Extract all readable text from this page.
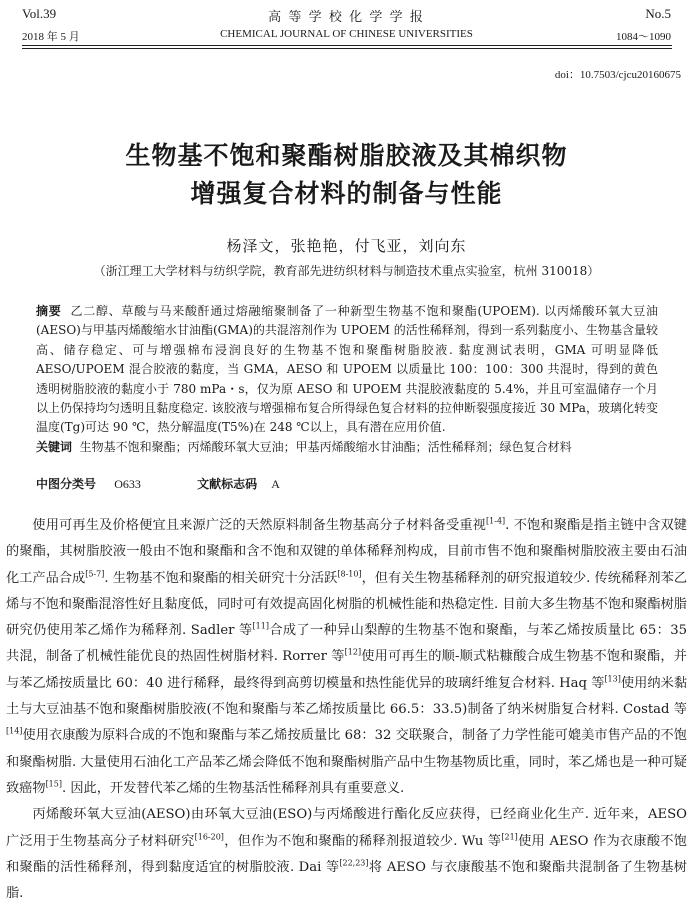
Vol.39	高 等 学 校 化 学 学 报	No.5
2018 年 5 月	CHEMICAL JOURNAL OF CHINESE UNIVERSITIES	1084～1090
doi：10.7503/cjcu20160675
生物基不饱和聚酯树脂胶液及其棉织物
增强复合材料的制备与性能
杨泽文，张艳艳，付飞亚，刘向东
（浙江理工大学材料与纺织学院，教育部先进纺织材料与制造技术重点实验室，杭州 310018）

摘要 乙二醇、草酸与马来酸酐通过熔融缩聚制备了一种新型生物基不饱和聚酯(UPOEM). 以丙烯酸环氧大豆油(AESO)与甲基丙烯酸缩水甘油酯(GMA)的共混溶剂作为 UPOEM 的活性稀释剂，得到一系列黏度小、生物基含量较高、储存稳定、可与增强棉布浸润良好的生物基不饱和聚酯树脂胶液. 黏度测试表明，GMA 可明显降低 AESO/UPOEM 混合胶液的黏度，当 GMA，AESO 和 UPOEM 以质量比 100：100：300 共混时，得到的黄色透明树脂胶液的黏度小于 780 mPa・s，仅为原 AESO 和 UPOEM 共混胶液黏度的 5.4%，并且可室温储存一个月以上仍保持均匀透明且黏度稳定. 该胶液与增强棉布复合所得绿色复合材料的拉伸断裂强度接近 30 MPa，玻璃化转变温度(Tg)可达 90 ℃，热分解温度(T5%)在 248 ℃以上，具有潜在应用价值.

关键词 生物基不饱和聚酯；丙烯酸环氧大豆油；甲基丙烯酸缩水甘油酯；活性稀释剂；绿色复合材料

中图分类号 O633	文献标志码 A

使用可再生及价格便宜且来源广泛的天然原料制备生物基高分子材料备受重视[1-4]. 不饱和聚酯是指主链中含双键的聚酯，其树脂胶液一般由不饱和聚酯和含不饱和双键的单体稀释剂构成，目前市售不饱和聚酯树脂胶液主要由石油化工产品合成[5-7]. 生物基不饱和聚酯的相关研究十分活跃[8-10]，但有关生物基稀释剂的研究报道较少. 传统稀释剂苯乙烯与不饱和聚酯混溶性好且黏度低，同时可有效提高固化树脂的机械性能和热稳定性. 目前大多生物基不饱和聚酯树脂研究仍使用苯乙烯作为稀释剂. Sadler 等[11]合成了一种异山梨醇的生物基不饱和聚酯，与苯乙烯按质量比 65：35 共混，制备了机械性能优良的热固性树脂材料. Rorrer 等[12]使用可再生的顺-顺式粘糠酸合成生物基不饱和聚酯，并与苯乙烯按质量比 60：40 进行稀释，最终得到高剪切模量和热性能优异的玻璃纤维复合材料. Haq 等[13]使用纳米黏土与大豆油基不饱和聚酯树脂胶液(不饱和聚酯与苯乙烯按质量比 66.5：33.5)制备了纳米树脂复合材料. Costad 等[14]使用衣康酸为原料合成的不饱和聚酯与苯乙烯按质量比 68：32 交联聚合，制备了力学性能可媲美市售产品的不饱和聚酯树脂. 大量使用石油化工产品苯乙烯会降低不饱和聚酯树脂产品中生物基物质比重，同时，苯乙烯也是一种可疑致癌物[15]. 因此，开发替代苯乙烯的生物基活性稀释剂具有重要意义.

丙烯酸环氧大豆油(AESO)由环氧大豆油(ESO)与丙烯酸进行酯化反应获得，已经商业化生产. 近年来，AESO 广泛用于生物基高分子材料研究[16-20]，但作为不饱和聚酯的稀释剂报道较少. Wu 等[21]使用 AESO 作为衣康酸不饱和聚酯的活性稀释剂，得到黏度适宜的树脂胶液. Dai 等[22,23]将 AESO 与衣康酸基不饱和聚酯共混制备了生物基树脂.
